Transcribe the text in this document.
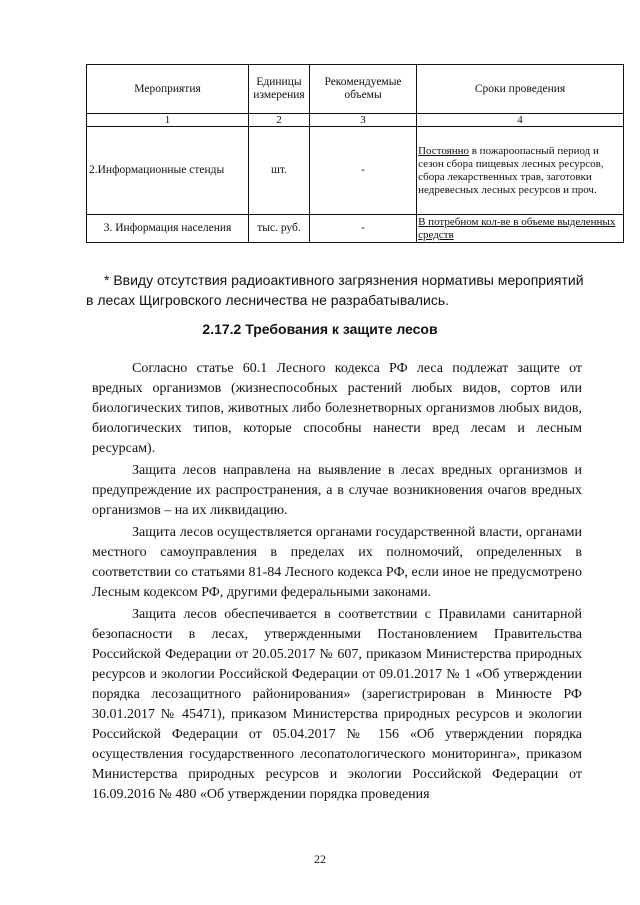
Мероприятия	Единицы измерения	Рекомендуемые объемы	Сроки проведения
1	2	3	4
2.Информационные стенды	шт.	-	Постоянно в пожароопасный период и сезон сбора пищевых лесных ресурсов, сбора лекарственных трав, заготовки недревесных лесных ресурсов и проч.
3. Информация населения	тыс. руб.	-	В потребном кол-ве в объеме выделенных средств
* Ввиду отсутствия радиоактивного загрязнения нормативы мероприятий
в лесах Щигровского лесничества не разрабатывались.
2.17.2 Требования к защите лесов

Согласно статье 60.1 Лесного кодекса РФ леса подлежат защите от вредных организмов (жизнеспособных растений любых видов, сортов или биологических типов, животных либо болезнетворных организмов любых видов, биологических типов, которые способны нанести вред лесам и лесным ресурсам).

Защита лесов направлена на выявление в лесах вредных организмов и предупреждение их распространения, а в случае возникновения очагов вредных организмов – на их ликвидацию.

Защита лесов осуществляется органами государственной власти, органами местного самоуправления в пределах их полномочий, определенных в соответствии со статьями 81-84 Лесного кодекса РФ, если иное не предусмотрено Лесным кодексом РФ, другими федеральными законами.

Защита лесов обеспечивается в соответствии с Правилами санитарной безопасности в лесах, утвержденными Постановлением Правительства Российской Федерации от 20.05.2017 № 607, приказом Министерства природных ресурсов и экологии Российской Федерации от 09.01.2017 № 1 «Об утверждении порядка лесозащитного районирования» (зарегистрирован в Минюсте РФ 30.01.2017 № 45471), приказом Министерства природных ресурсов и экологии Российской Федерации от 05.04.2017 № 156 «Об утверждении порядка осуществления государственного лесопатологического мониторинга», приказом Министерства природных ресурсов и экологии Российской Федерации от 16.09.2016 № 480 «Об утверждении порядка проведения

22
